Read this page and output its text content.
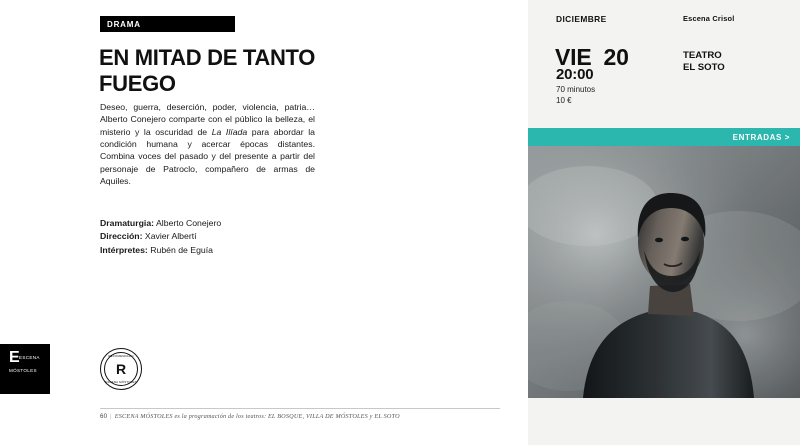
DRAMA
EN MITAD DE TANTO FUEGO
Deseo, guerra, deserción, poder, violencia, patria… Alberto Conejero comparte con el público la belleza, el misterio y la oscuridad de La Ilíada para abordar la condición humana y acercar épocas distantes. Combina voces del pasado y del presente a partir del personaje de Patroclo, compañero de armas de Aquiles.
Dramaturgia: Alberto Conejero
Dirección: Xavier Albertí
Intérpretes: Rubén de Eguía
E ESCENA
MÓSTOLES
RECOMENDADO
R
ESCENA MÓSTOLES
60 | ESCENA MÓSTOLES es la programación de los teatros: EL BOSQUE, VILLA DE MÓSTOLES y EL SOTO
DICIEMBRE	Escena Crisol
VIE 20
20:00
70 minutos
10 €
TEATRO
EL SOTO
ENTRADAS >
